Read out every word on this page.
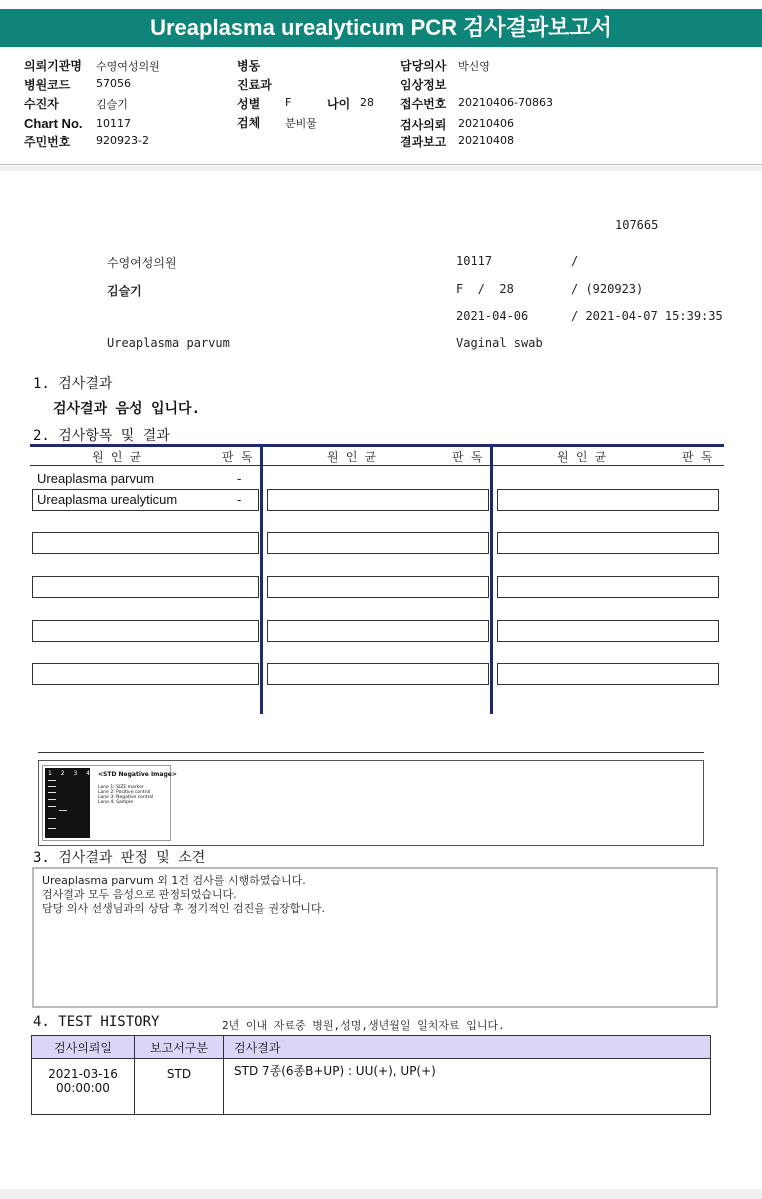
Ureaplasma urealyticum PCR 검사결과보고서
의뢰기관명 수영여성의원
병원코드 57056
수진자	김슬기
Chart No. 10117
주민번호 920923-2
병동
진료과
성별 F	나이 28
검체 분비물
담당의사 박신영
임상정보
접수번호 20210406-70863
검사의뢰 20210406
결과보고 20210408
107665
수영여성의원	10117	/
김슬기	F  /  28	/ (920923)
2021-04-06	/ 2021-04-07 15:39:35
Ureaplasma parvum	Vaginal swab
1. 검사결과
검사결과 음성 입니다.
2. 검사항목 및 결과
원 인 균	판 독	원 인 균	판 독	원 인 균	판 독
Ureaplasma parvum	-
Ureaplasma urealyticum	-
1 2 3 4 <STD Negative Image>
Lane 1: SIZE marker
Lane 2: Positive control
Lane 3: Negative control
Lane 4: Sample
3. 검사결과 판정 및 소견
Ureaplasma parvum 외 1건 검사를 시행하였습니다.
검사결과 모두 음성으로 판정되었습니다.
담당 의사 선생님과의 상담 후 정기적인 검진을 권장합니다.
4. TEST HISTORY	2년 이내 자료중 병원,성명,생년월일 일치자료 입니다.
검사의뢰일	보고서구분	검사결과

2021-03-16
00:00:00	STD	STD 7종(6종B+UP) : UU(+), UP(+)
